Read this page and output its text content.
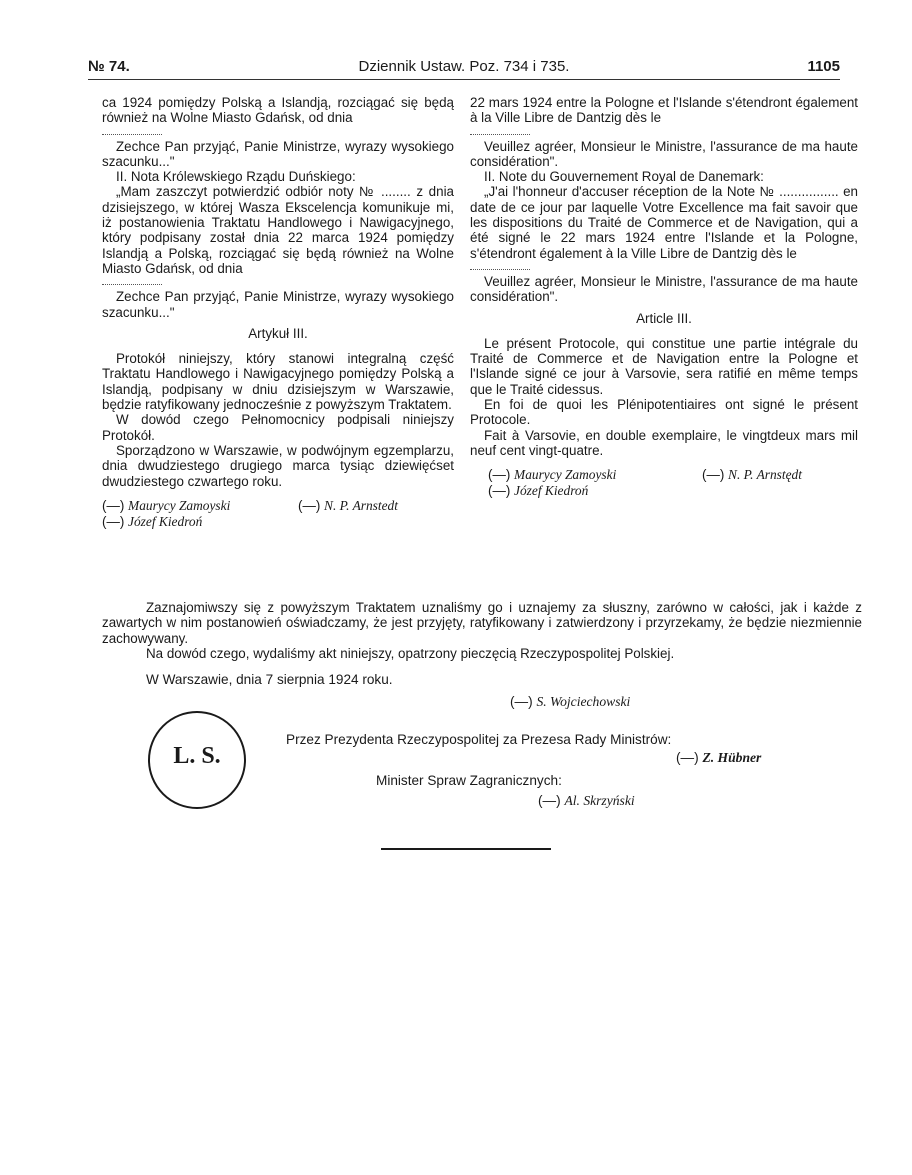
№ 74.	Dziennik Ustaw. Poz. 734 i 735.	1105

ca 1924 pomiędzy Polską a Islandją, rozciągać się będą również na Wolne Miasto Gdańsk, od dnia

Zechce Pan przyjąć, Panie Ministrze, wyrazy wysokiego szacunku..."

II. Nota Królewskiego Rządu Duńskiego:

„Mam zaszczyt potwierdzić odbiór noty № ........ z dnia dzisiejszego, w której Wasza Ekscelencja komunikuje mi, iż postanowienia Traktatu Handlowego i Nawigacyjnego, który podpisany został dnia 22 marca 1924 pomiędzy Islandją a Polską, rozciągać się będą również na Wolne Miasto Gdańsk, od dnia

Zechce Pan przyjąć, Panie Ministrze, wyrazy wysokiego szacunku..."

Artykuł III.

Protokół niniejszy, który stanowi integralną część Traktatu Handlowego i Nawigacyjnego pomiędzy Polską a Islandją, podpisany w dniu dzisiejszym w Warszawie, będzie ratyfikowany jednocześnie z powyższym Traktatem.

W dowód czego Pełnomocnicy podpisali niniejszy Protokół.

Sporządzono w Warszawie, w podwójnym egzemplarzu, dnia dwudziestego drugiego marca tysiąc dziewięćset dwudziestego czwartego roku.

(—) Maurycy Zamoyski	(—) N. P. Arnstedt
(—) Józef Kiedroń

22 mars 1924 entre la Pologne et l'Islande s'étendront également à la Ville Libre de Dantzig dès le

Veuillez agréer, Monsieur le Ministre, l'assurance de ma haute considération".

II. Note du Gouvernement Royal de Danemark:

„J'ai l'honneur d'accuser réception de la Note № ................ en date de ce jour par laquelle Votre Excellence ma fait savoir que les dispositions du Traité de Commerce et de Navigation, qui a été signé le 22 mars 1924 entre l'Islande et la Pologne, s'étendront également à la Ville Libre de Dantzig dès le

Veuillez agréer, Monsieur le Ministre, l'assurance de ma haute considération".

Article III.

Le présent Protocole, qui constitue une partie intégrale du Traité de Commerce et de Navigation entre la Pologne et l'Islande signé ce jour à Varsovie, sera ratifié en même temps que le Traité cidessus.

En foi de quoi les Plénipotentiaires ont signé le présent Protocole.

Fait à Varsovie, en double exemplaire, le vingtdeux mars mil neuf cent vingt-quatre.

(—) Maurycy Zamoyski	(—) N. P. Arnstędt
(—) Józef Kiedroń

Zaznajomiwszy się z powyższym Traktatem uznaliśmy go i uznajemy za słuszny, zarówno w całości, jak i każde z zawartych w nim postanowień oświadczamy, że jest przyjęty, ratyfikowany i zatwierdzony i przyrzekamy, że będzie niezmiennie zachowywany.

Na dowód czego, wydaliśmy akt niniejszy, opatrzony pieczęcią Rzeczypospolitej Polskiej.

W Warszawie, dnia 7 sierpnia 1924 roku.
(—) S. Wojciechowski
L. S.
Przez Prezydenta Rzeczypospolitej za Prezesa Rady Ministrów:
(—) Z. Hübner
Minister Spraw Zagranicznych:
(—) Al. Skrzyński
